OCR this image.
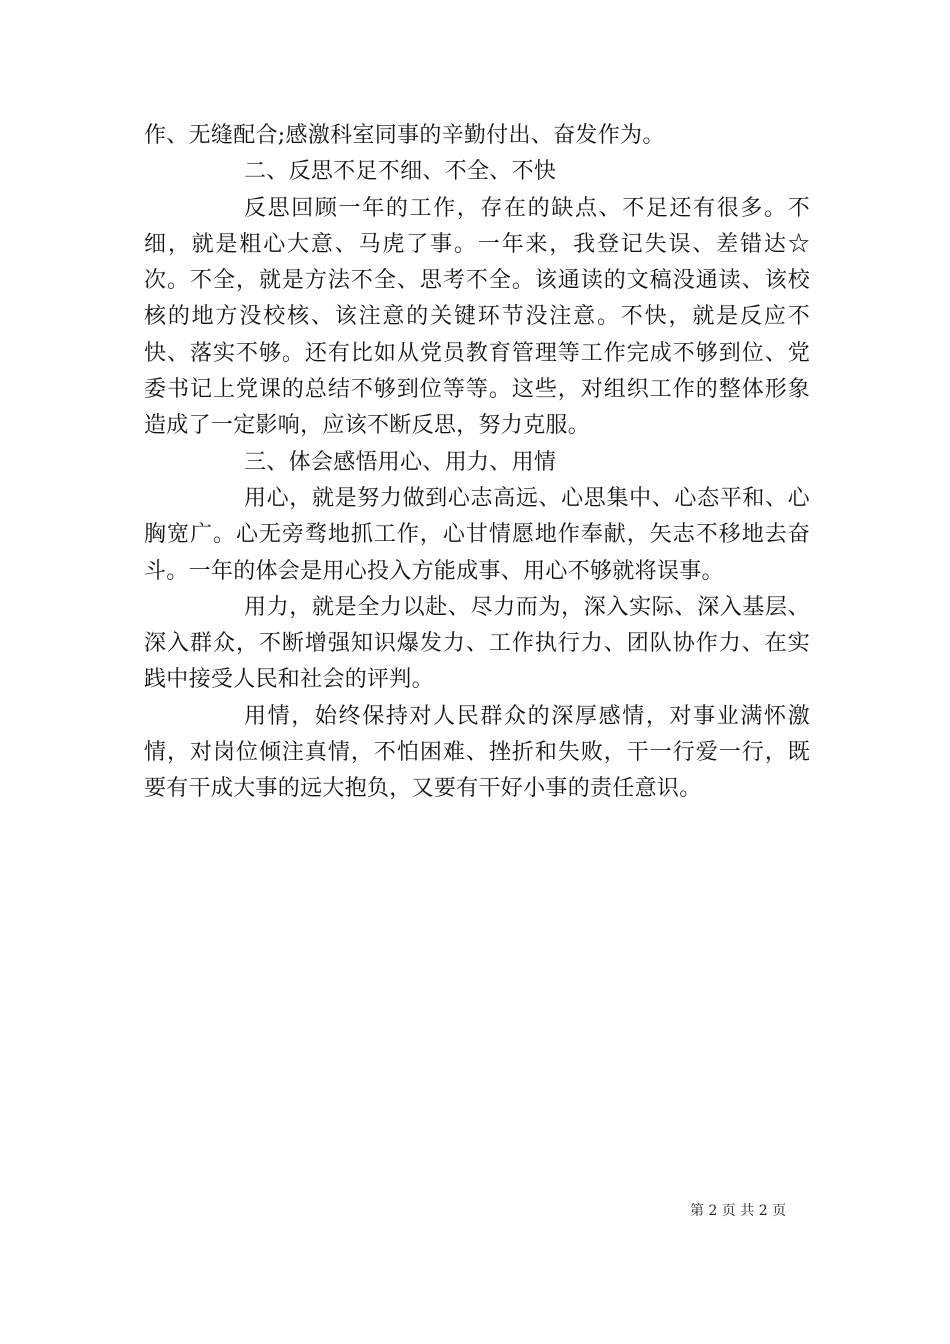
作、无缝配合;感激科室同事的辛勤付出、奋发作为。

二、反思不足不细、不全、不快

反思回顾一年的工作，存在的缺点、不足还有很多。不细，就是粗心大意、马虎了事。一年来，我登记失误、差错达☆次。不全，就是方法不全、思考不全。该通读的文稿没通读、该校核的地方没校核、该注意的关键环节没注意。不快，就是反应不快、落实不够。还有比如从党员教育管理等工作完成不够到位、党委书记上党课的总结不够到位等等。这些，对组织工作的整体形象造成了一定影响，应该不断反思，努力克服。

三、体会感悟用心、用力、用情

用心，就是努力做到心志高远、心思集中、心态平和、心胸宽广。心无旁骛地抓工作，心甘情愿地作奉献，矢志不移地去奋斗。一年的体会是用心投入方能成事、用心不够就将误事。

用力，就是全力以赴、尽力而为，深入实际、深入基层、深入群众，不断增强知识爆发力、工作执行力、团队协作力、在实践中接受人民和社会的评判。

用情，始终保持对人民群众的深厚感情，对事业满怀激情，对岗位倾注真情，不怕困难、挫折和失败，干一行爱一行，既要有干成大事的远大抱负，又要有干好小事的责任意识。

第 2 页 共 2 页
